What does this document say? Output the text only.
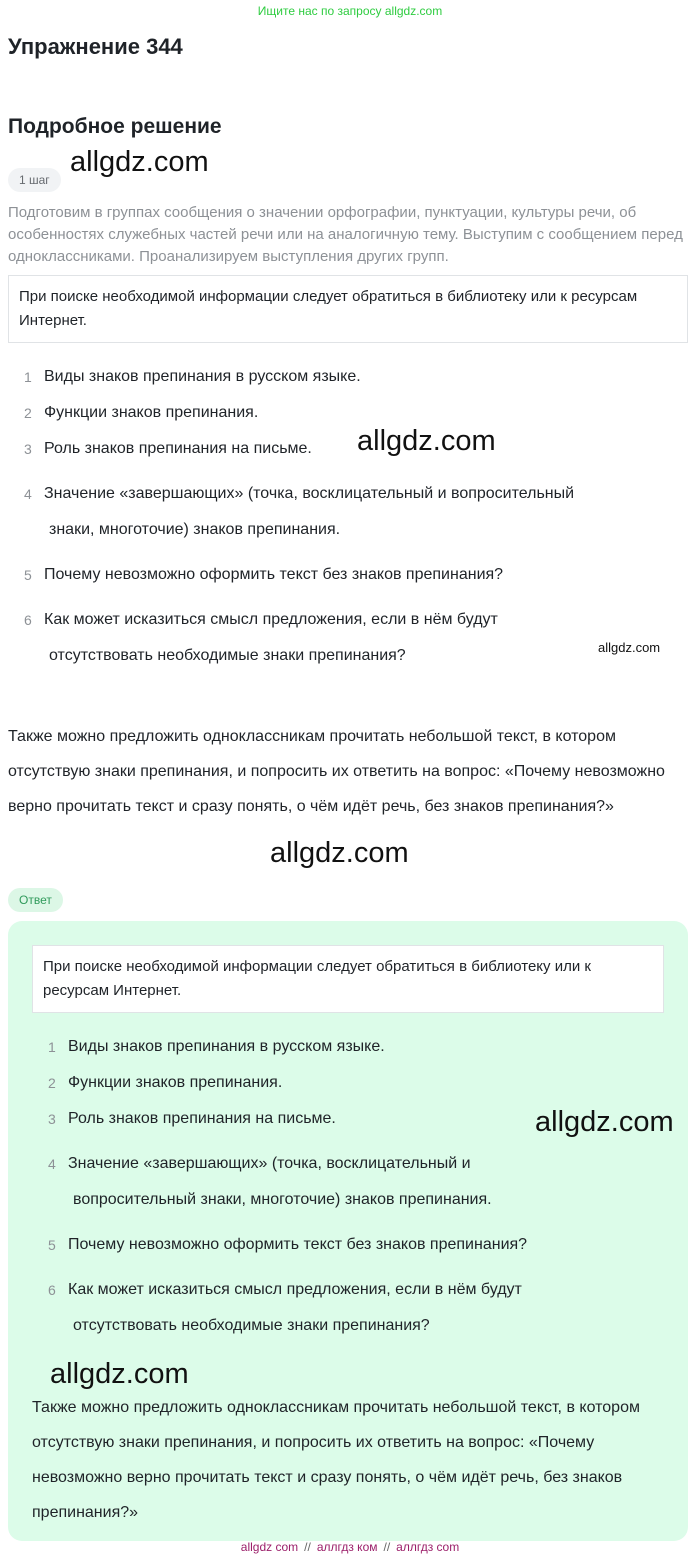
Ищите нас по запросу allgdz.com
Упражнение 344
Подробное решение
1 шаг
allgdz.com

Подготовим в группах сообщения о значении орфографии, пунктуации, культуры речи, об особенностях служебных частей речи или на аналогичную тему. Выступим с сообщением перед одноклассниками. Проанализируем выступления других групп.

При поиске необходимой информации следует обратиться в библиотеку или к ресурсам Интернет.
1 Виды знаков препинания в русском языке.
2 Функции знаков препинания.
3 Роль знаков препинания на письме.
4 Значение «завершающих» (точка, восклицательный и вопросительный
знаки, многоточие) знаков препинания.
5 Почему невозможно оформить текст без знаков препинания?
6 Как может исказиться смысл предложения, если в нём будут
отсутствовать необходимые знаки препинания?
allgdz.com
allgdz.com

Также можно предложить одноклассникам прочитать небольшой текст, в котором отсутствую знаки препинания, и попросить их ответить на вопрос: «Почему невозможно верно прочитать текст и сразу понять, о чём идёт речь, без знаков препинания?»

allgdz.com
Ответ
При поиске необходимой информации следует обратиться в библиотеку или к ресурсам Интернет.
1 Виды знаков препинания в русском языке.
2 Функции знаков препинания.
3 Роль знаков препинания на письме.
4 Значение «завершающих» (точка, восклицательный и
вопросительный знаки, многоточие) знаков препинания.
5 Почему невозможно оформить текст без знаков препинания?
6 Как может исказиться смысл предложения, если в нём будут
отсутствовать необходимые знаки препинания?
allgdz.com
allgdz.com

Также можно предложить одноклассникам прочитать небольшой текст, в котором отсутствую знаки препинания, и попросить их ответить на вопрос: «Почему невозможно верно прочитать текст и сразу понять, о чём идёт речь, без знаков препинания?»

allgdz com // аллгдз ком // аллгдз com
